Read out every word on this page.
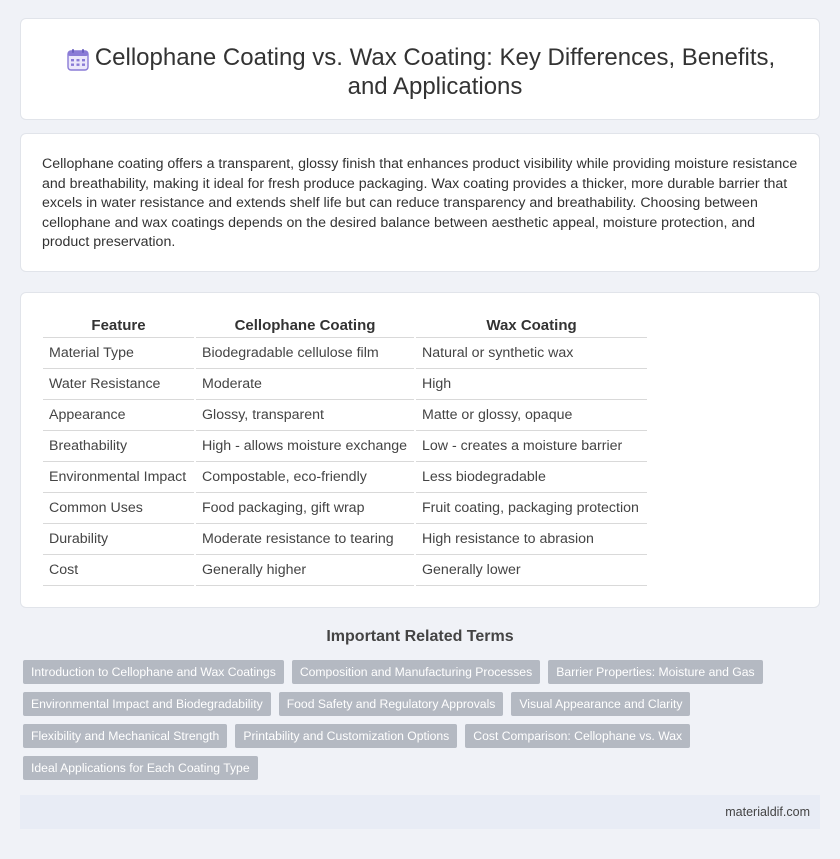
Cellophane Coating vs. Wax Coating: Key Differences, Benefits, and Applications

Cellophane coating offers a transparent, glossy finish that enhances product visibility while providing moisture resistance and breathability, making it ideal for fresh produce packaging. Wax coating provides a thicker, more durable barrier that excels in water resistance and extends shelf life but can reduce transparency and breathability. Choosing between cellophane and wax coatings depends on the desired balance between aesthetic appeal, moisture protection, and product preservation.

Feature	Cellophane Coating	Wax Coating
Material Type	Biodegradable cellulose film	Natural or synthetic wax
Water Resistance	Moderate	High
Appearance	Glossy, transparent	Matte or glossy, opaque
Breathability	High - allows moisture exchange	Low - creates a moisture barrier
Environmental Impact	Compostable, eco-friendly	Less biodegradable
Common Uses	Food packaging, gift wrap	Fruit coating, packaging protection
Durability	Moderate resistance to tearing	High resistance to abrasion
Cost	Generally higher	Generally lower
Important Related Terms
Introduction to Cellophane and Wax Coatings	Composition and Manufacturing Processes	Barrier Properties: Moisture and Gas
Environmental Impact and Biodegradability	Food Safety and Regulatory Approvals	Visual Appearance and Clarity
Flexibility and Mechanical Strength	Printability and Customization Options	Cost Comparison: Cellophane vs. Wax
Ideal Applications for Each Coating Type
materialdif.com
